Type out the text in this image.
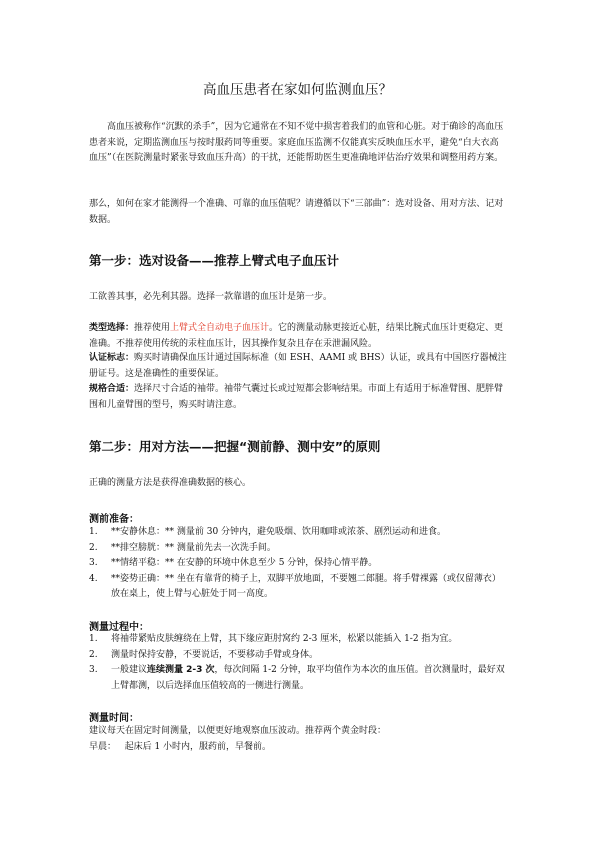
高血压患者在家如何监测血压？

高血压被称作“沉默的杀手”，因为它通常在不知不觉中损害着我们的血管和心脏。对于确诊的高血压患者来说，定期监测血压与按时服药同等重要。家庭血压监测不仅能真实反映血压水平，避免“白大衣高血压”（在医院测量时紧张导致血压升高）的干扰，还能帮助医生更准确地评估治疗效果和调整用药方案。

那么，如何在家才能测得一个准确、可靠的血压值呢？请遵循以下“三部曲”：选对设备、用对方法、记对数据。

第一步：选对设备——推荐上臂式电子血压计

工欲善其事，必先利其器。选择一款靠谱的血压计是第一步。

类型选择：推荐使用上臂式全自动电子血压计。它的测量动脉更接近心脏，结果比腕式血压计更稳定、更准确。不推荐使用传统的汞柱血压计，因其操作复杂且存在汞泄漏风险。

认证标志：购买时请确保血压计通过国际标准（如 ESH、AAMI 或 BHS）认证，或具有中国医疗器械注册证号。这是准确性的重要保证。

规格合适：选择尺寸合适的袖带。袖带气囊过长或过短都会影响结果。市面上有适用于标准臂围、肥胖臂围和儿童臂围的型号，购买时请注意。

第二步：用对方法——把握“测前静、测中安”的原则

正确的测量方法是获得准确数据的核心。

测前准备：
1. **安静休息：** 测量前 30 分钟内，避免吸烟、饮用咖啡或浓茶、剧烈运动和进食。
2. **排空膀胱：** 测量前先去一次洗手间。
3. **情绪平稳：** 在安静的环境中休息至少 5 分钟，保持心情平静。
4. **姿势正确：** 坐在有靠背的椅子上，双脚平放地面，不要翘二郎腿。将手臂裸露（或仅留薄衣）放在桌上，使上臂与心脏处于同一高度。
测量过程中：
1. 将袖带紧贴皮肤缠绕在上臂，其下缘应距肘窝约 2-3 厘米，松紧以能插入 1-2 指为宜。
2. 测量时保持安静，不要说话，不要移动手臂或身体。
3. 一般建议连续测量 2-3 次，每次间隔 1-2 分钟，取平均值作为本次的血压值。首次测量时，最好双上臂都测，以后选择血压值较高的一侧进行测量。
测量时间：

建议每天在固定时间测量，以便更好地观察血压波动。推荐两个黄金时段：

早晨： 起床后 1 小时内，服药前，早餐前。
